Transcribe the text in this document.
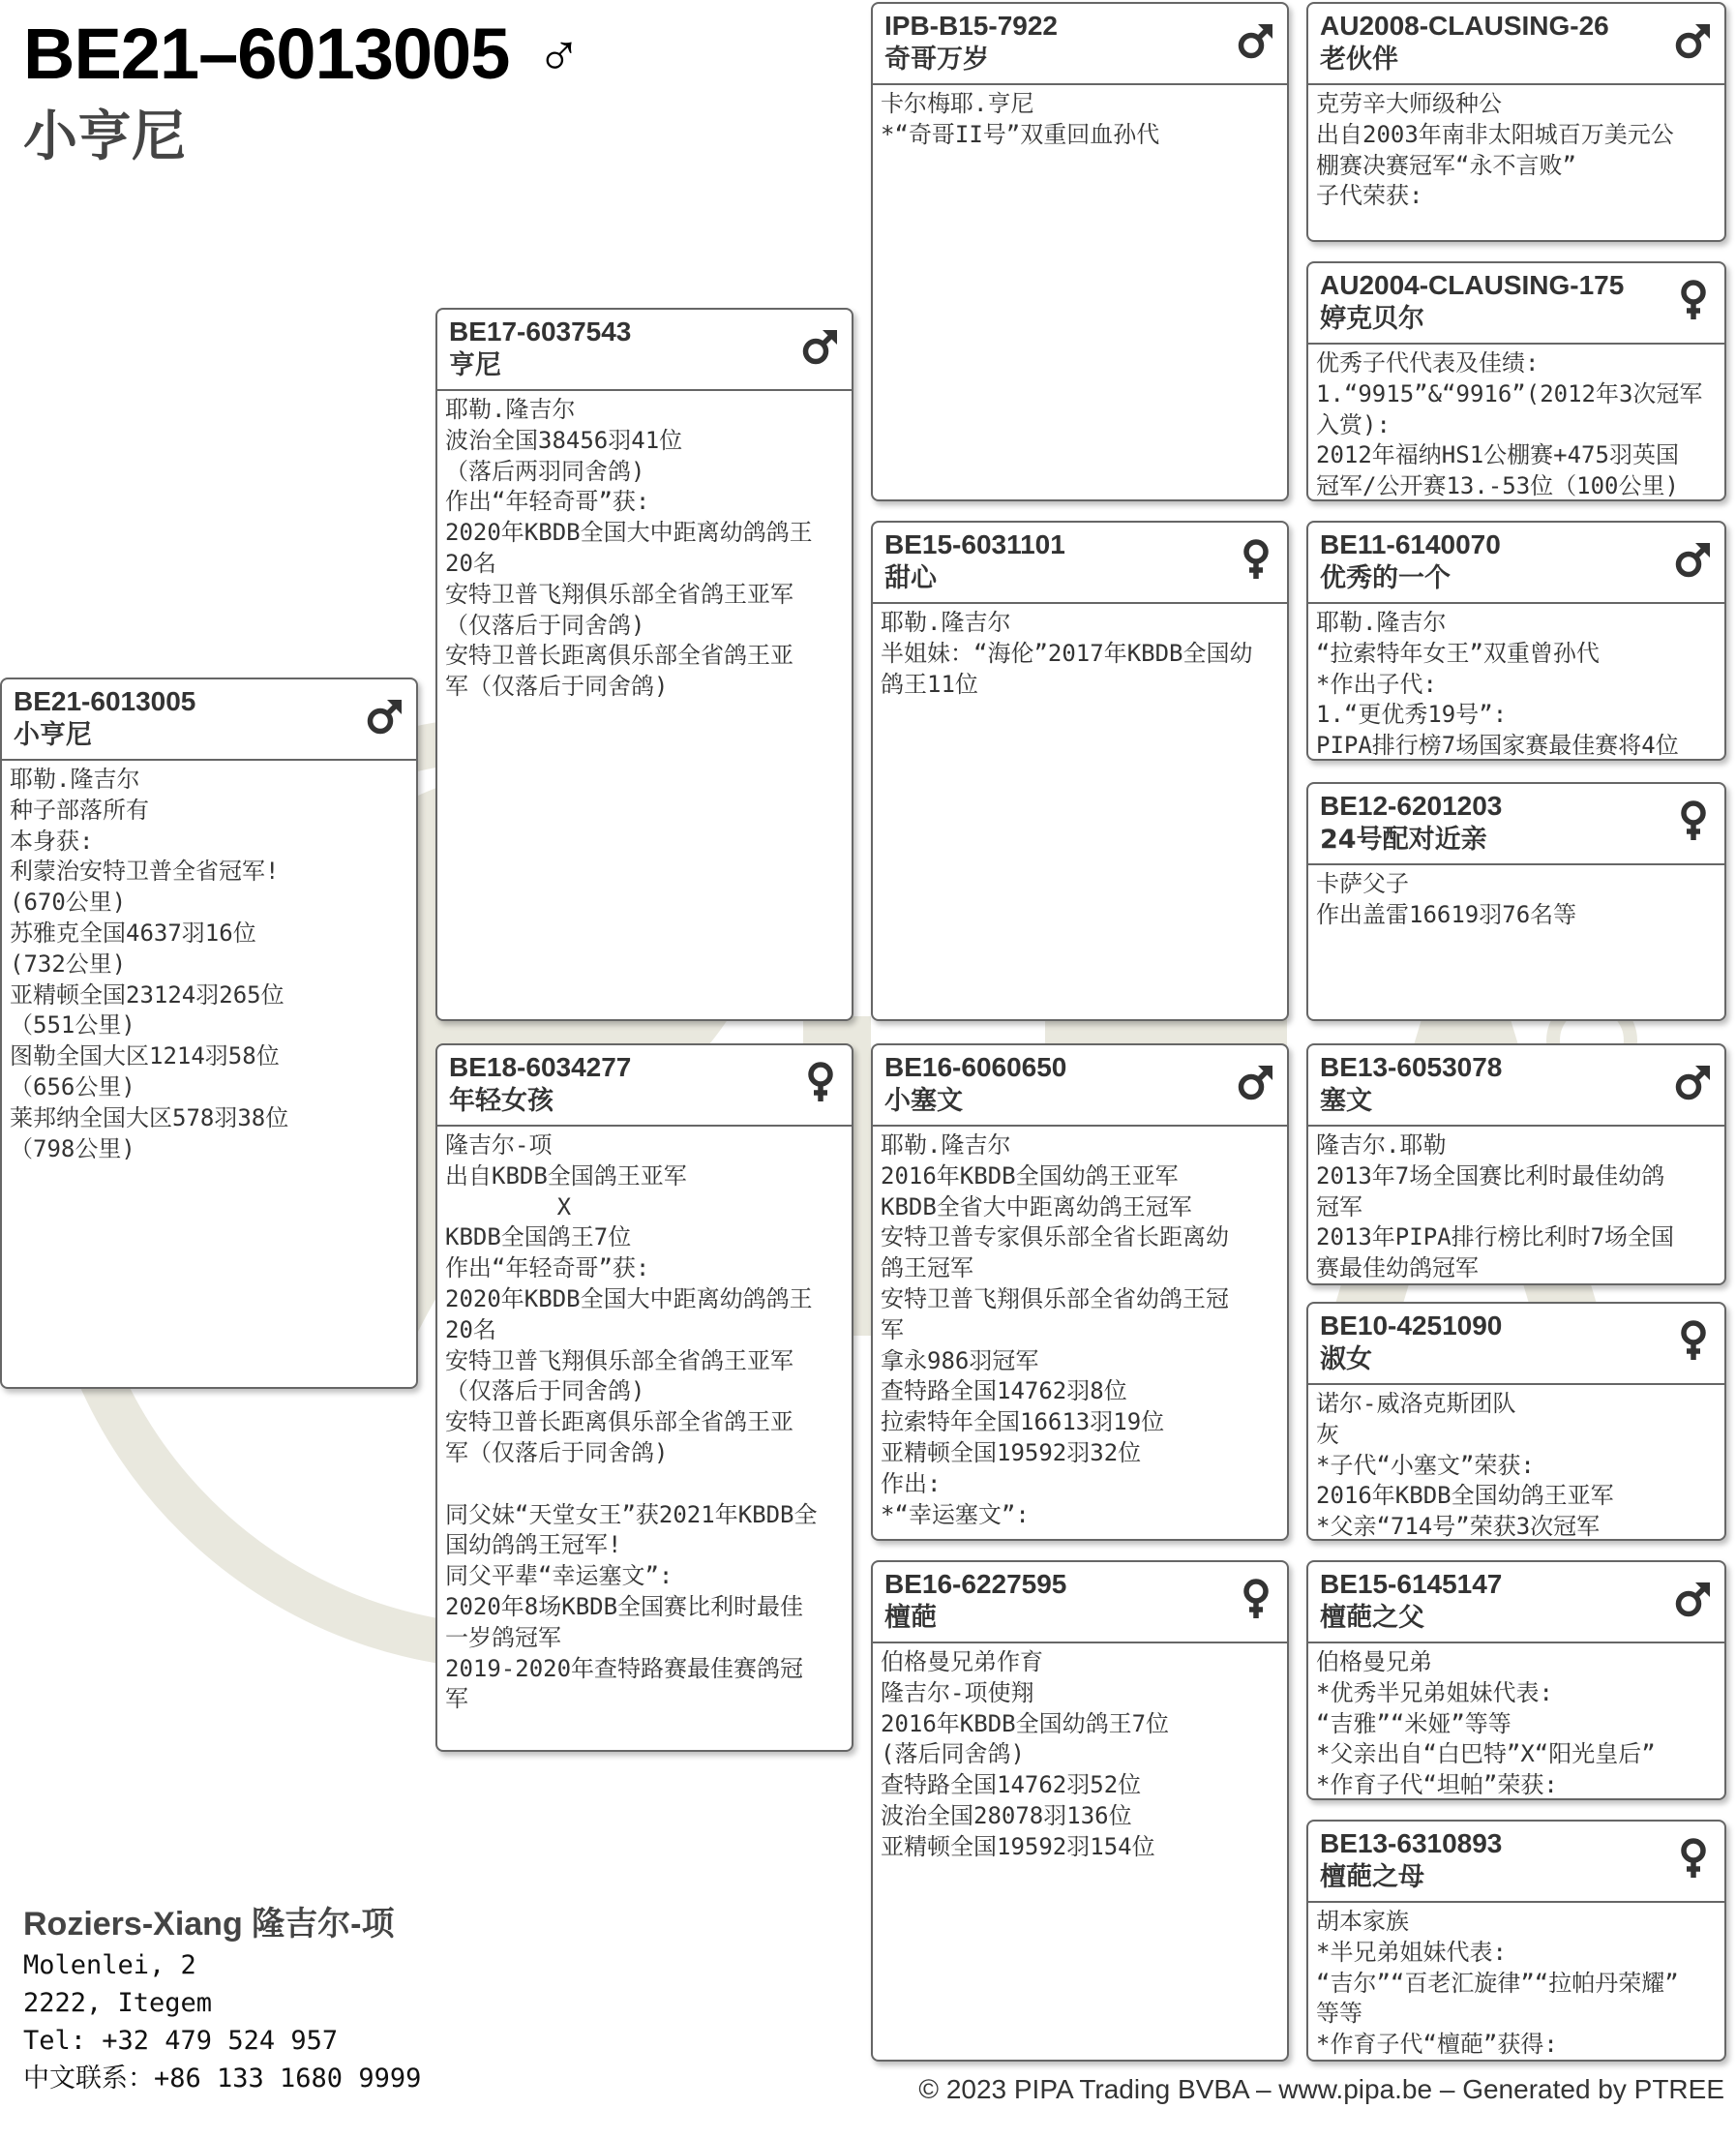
BE21–6013005 ♂
小亨尼
BE21-6013005
小亨尼
耶勒.隆吉尔
种子部落所有
本身获:
利蒙治安特卫普全省冠军!
(670公里)
苏雅克全国4637羽16位
(732公里)
亚精顿全国23124羽265位
（551公里)
图勒全国大区1214羽58位
（656公里)
莱邦纳全国大区578羽38位
（798公里)
BE17-6037543
亨尼
耶勒.隆吉尔
波治全国38456羽41位
（落后两羽同舍鸽)
作出“年轻奇哥”获:
2020年KBDB全国大中距离幼鸽鸽王
20名
安特卫普飞翔俱乐部全省鸽王亚军
（仅落后于同舍鸽)
安特卫普长距离俱乐部全省鸽王亚
军（仅落后于同舍鸽)
BE18-6034277
年轻女孩
隆吉尔-项
出自KBDB全国鸽王亚军
X
KBDB全国鸽王7位
作出“年轻奇哥”获:
2020年KBDB全国大中距离幼鸽鸽王
20名
安特卫普飞翔俱乐部全省鸽王亚军
（仅落后于同舍鸽)
安特卫普长距离俱乐部全省鸽王亚
军（仅落后于同舍鸽)
同父妹“天堂女王”获2021年KBDB全
国幼鸽鸽王冠军!
同父平辈“幸运塞文”:
2020年8场KBDB全国赛比利时最佳
一岁鸽冠军
2019-2020年查特路赛最佳赛鸽冠
军
IPB-B15-7922
奇哥万岁
卡尔梅耶.亨尼
*“奇哥II号”双重回血孙代
BE15-6031101
甜心
耶勒.隆吉尔
半姐妹：“海伦”2017年KBDB全国幼
鸽王11位
BE16-6060650
小塞文
耶勒.隆吉尔
2016年KBDB全国幼鸽王亚军
KBDB全省大中距离幼鸽王冠军
安特卫普专家俱乐部全省长距离幼
鸽王冠军
安特卫普飞翔俱乐部全省幼鸽王冠
军
拿永986羽冠军
查特路全国14762羽8位
拉索特年全国16613羽19位
亚精顿全国19592羽32位
作出:
*“幸运塞文”:
BE16-6227595
檀葩
伯格曼兄弟作育
隆吉尔-项使翔
2016年KBDB全国幼鸽王7位
(落后同舍鸽)
查特路全国14762羽52位
波治全国28078羽136位
亚精顿全国19592羽154位
AU2008-CLAUSING-26
老伙伴
克劳辛大师级种公
出自2003年南非太阳城百万美元公
棚赛决赛冠军“永不言败”
子代荣获:
AU2004-CLAUSING-175
婷克贝尔
优秀子代代表及佳绩:
1.“9915”&“9916”(2012年3次冠军
入赏):
2012年福纳HS1公棚赛+475羽英国
冠军/公开赛13.-53位（100公里)
BE11-6140070
优秀的一个
耶勒.隆吉尔
“拉索特年女王”双重曾孙代
*作出子代:
1.“更优秀19号”:
PIPA排行榜7场国家赛最佳赛将4位
BE12-6201203
24号配对近亲
卡萨父子
作出盖雷16619羽76名等
BE13-6053078
塞文
隆吉尔.耶勒
2013年7场全国赛比利时最佳幼鸽
冠军
2013年PIPA排行榜比利时7场全国
赛最佳幼鸽冠军
BE10-4251090
淑女
诺尔-威洛克斯团队
灰
*子代“小塞文”荣获:
2016年KBDB全国幼鸽王亚军
*父亲“714号”荣获3次冠军
BE15-6145147
檀葩之父
伯格曼兄弟
*优秀半兄弟姐妹代表:
“吉雅”“米娅”等等
*父亲出自“白巴特”X“阳光皇后”
*作育子代“坦帕”荣获:
BE13-6310893
檀葩之母
胡本家族
*半兄弟姐妹代表:
“吉尔”“百老汇旋律”“拉帕丹荣耀”
等等
*作育子代“檀葩”获得:
Roziers-Xiang 隆吉尔-项
Molenlei, 2
2222, Itegem
Tel: +32 479 524 957
中文联系：+86 133 1680 9999	© 2023 PIPA Trading BVBA – www.pipa.be – Generated by PTREE
